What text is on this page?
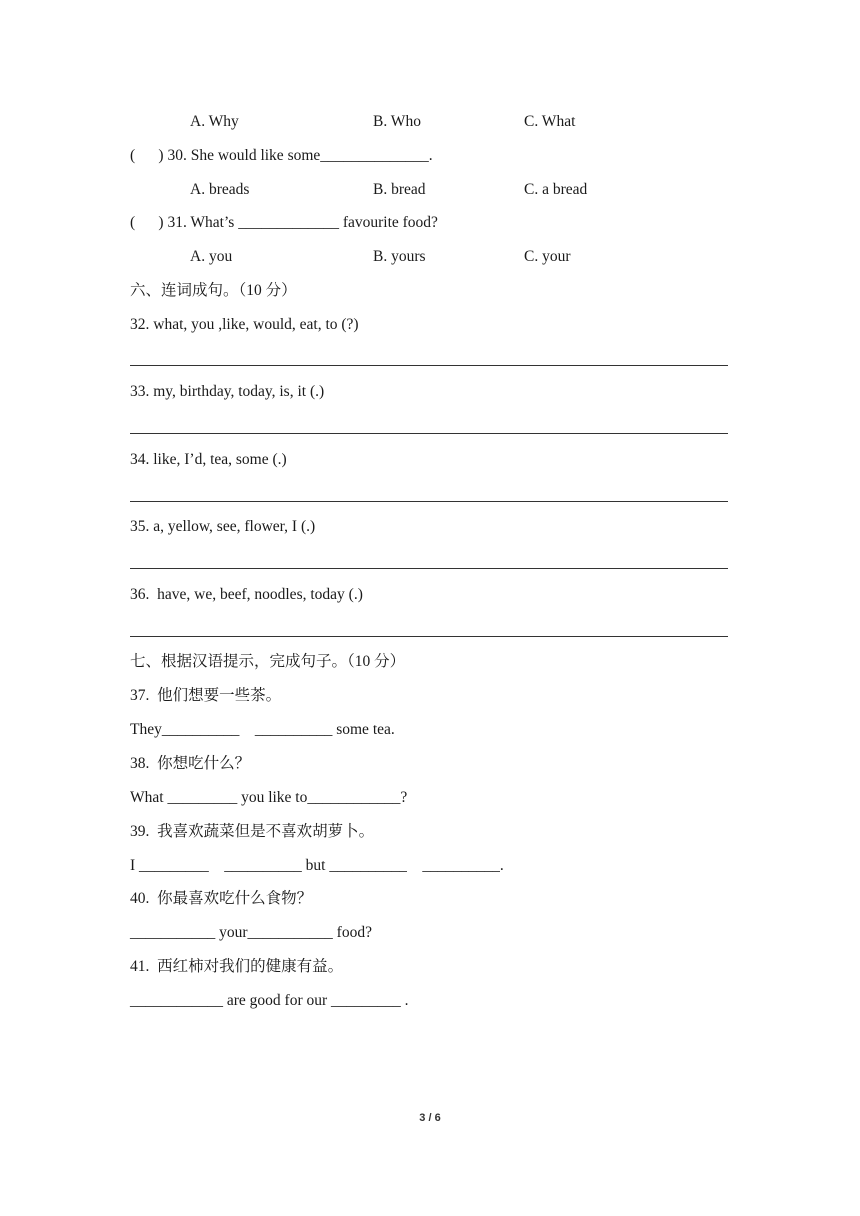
A. Why	B. Who	C. What
(      ) 30. She would like some______________.
A. breads	B. bread	C. a bread
(      ) 31. What’s _____________ favourite food?
A. you	B. yours	C. your
六、连词成句。（10 分）
32. what, you ,like, would, eat, to (?)
33. my, birthday, today, is, it (.)
34. like, I’d, tea, some (.)
35. a, yellow, see, flower, I (.)
36.  have, we, beef, noodles, today (.)
七、根据汉语提示，完成句子。（10 分）
37.  他们想要一些茶。
They__________    __________ some tea.
38.  你想吃什么？
What _________ you like to____________?
39.  我喜欢蔬菜但是不喜欢胡萝卜。
I _________    __________ but __________    __________.
40.  你最喜欢吃什么食物？
___________ your___________ food?
41.  西红柿对我们的健康有益。
____________ are good for our _________ .
3 / 6
